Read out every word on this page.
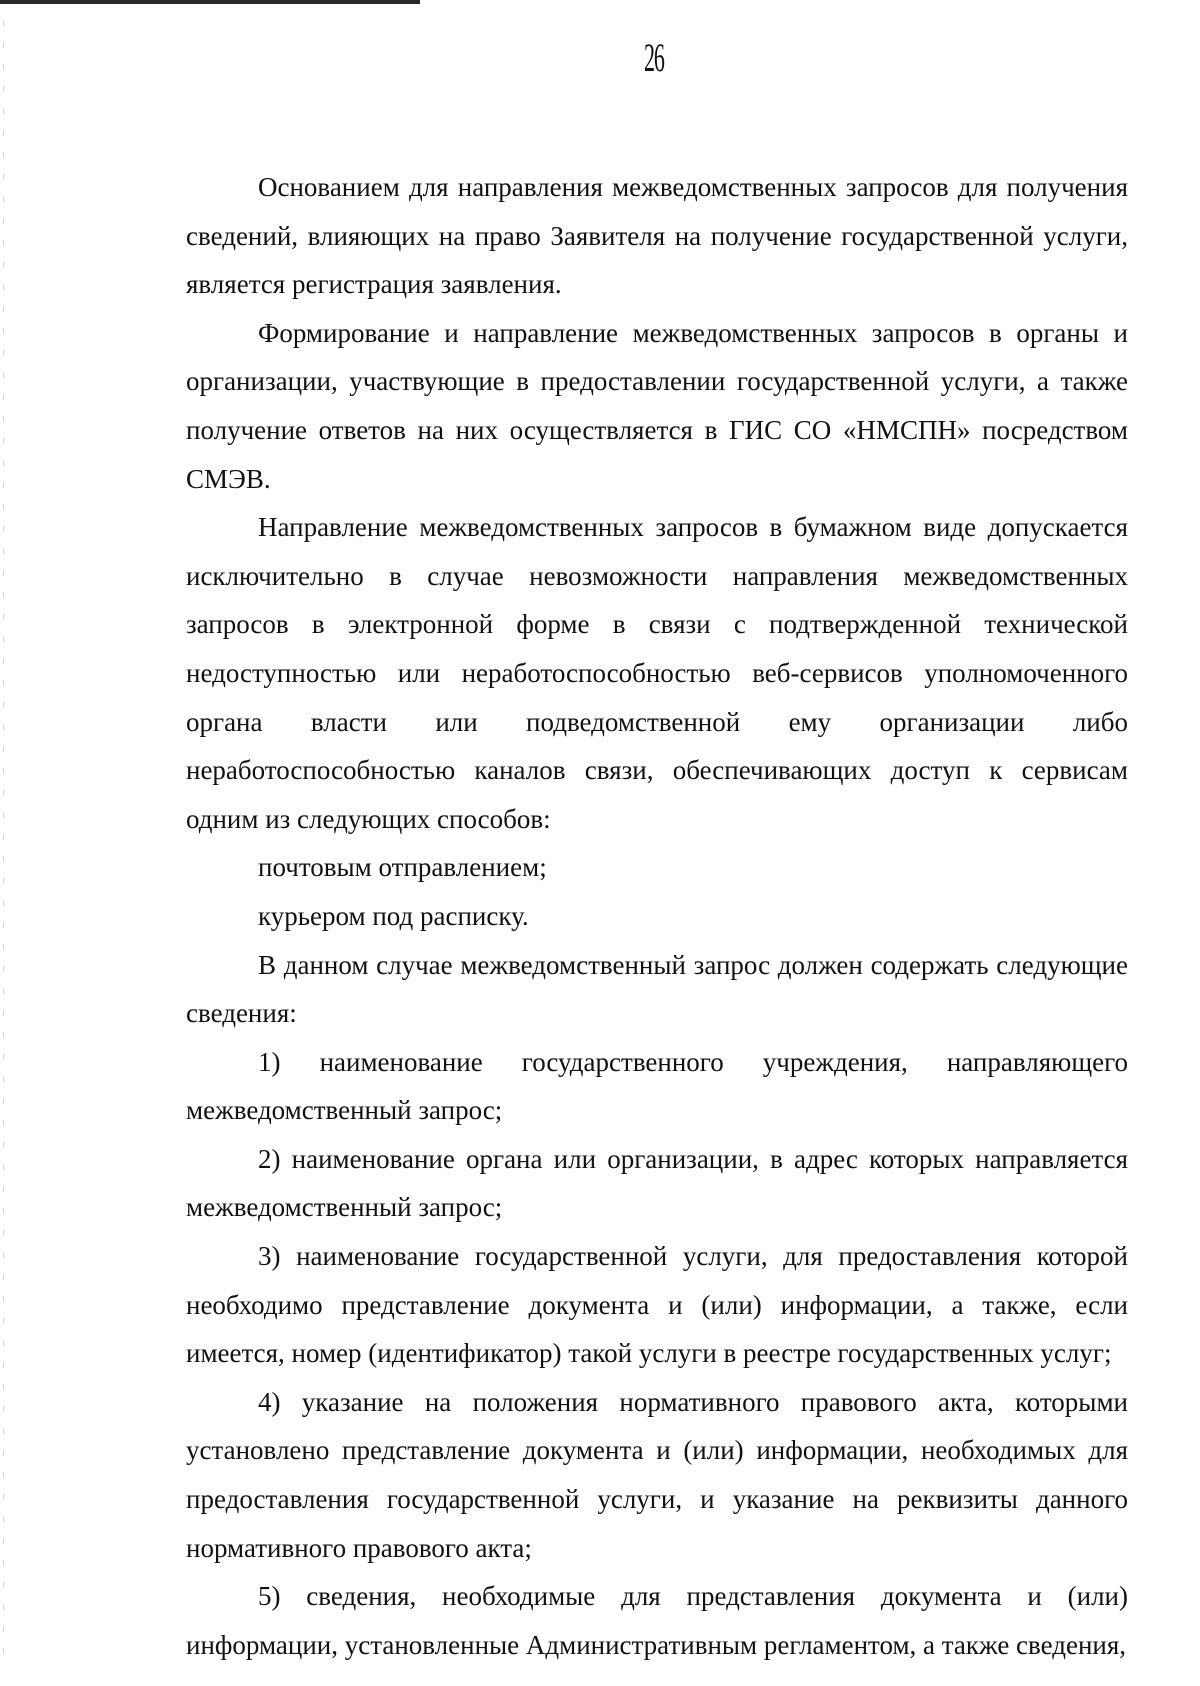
26

Основанием для направления межведомственных запросов для получения сведений, влияющих на право Заявителя на получение государственной услуги, является регистрация заявления.

Формирование и направление межведомственных запросов в органы и организации, участвующие в предоставлении государственной услуги, а также получение ответов на них осуществляется в ГИС СО «НМСПН» посредством СМЭВ.

Направление межведомственных запросов в бумажном виде допускается исключительно в случае невозможности направления межведомственных запросов в электронной форме в связи с подтвержденной технической недоступностью или неработоспособностью веб-сервисов уполномоченного органа власти или подведомственной ему организации либо неработоспособностью каналов связи, обеспечивающих доступ к сервисам одним из следующих способов:

почтовым отправлением;

курьером под расписку.

В данном случае межведомственный запрос должен содержать следующие сведения:

1) наименование государственного учреждения, направляющего межведомственный запрос;

2) наименование органа или организации, в адрес которых направляется межведомственный запрос;

3) наименование государственной услуги, для предоставления которой необходимо представление документа и (или) информации, а также, если имеется, номер (идентификатор) такой услуги в реестре государственных услуг;

4) указание на положения нормативного правового акта, которыми установлено представление документа и (или) информации, необходимых для предоставления государственной услуги, и указание на реквизиты данного нормативного правового акта;

5) сведения, необходимые для представления документа и (или) информации, установленные Административным регламентом, а также сведения,
